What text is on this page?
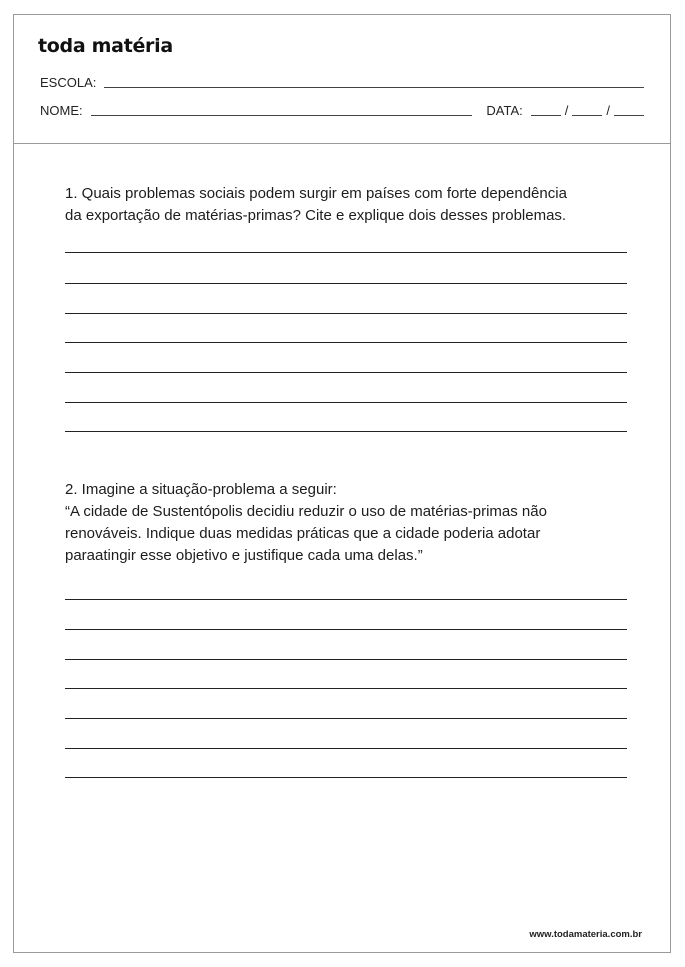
toda matéria
ESCOLA:
NOME:	DATA:	/	/
1. Quais problemas sociais podem surgir em países com forte dependência
da exportação de matérias-primas? Cite e explique dois desses problemas.
2. Imagine a situação-problema a seguir:
“A cidade de Sustentópolis decidiu reduzir o uso de matérias-primas não
renováveis. Indique duas medidas práticas que a cidade poderia adotar
paraatingir esse objetivo e justifique cada uma delas.”
www.todamateria.com.br
